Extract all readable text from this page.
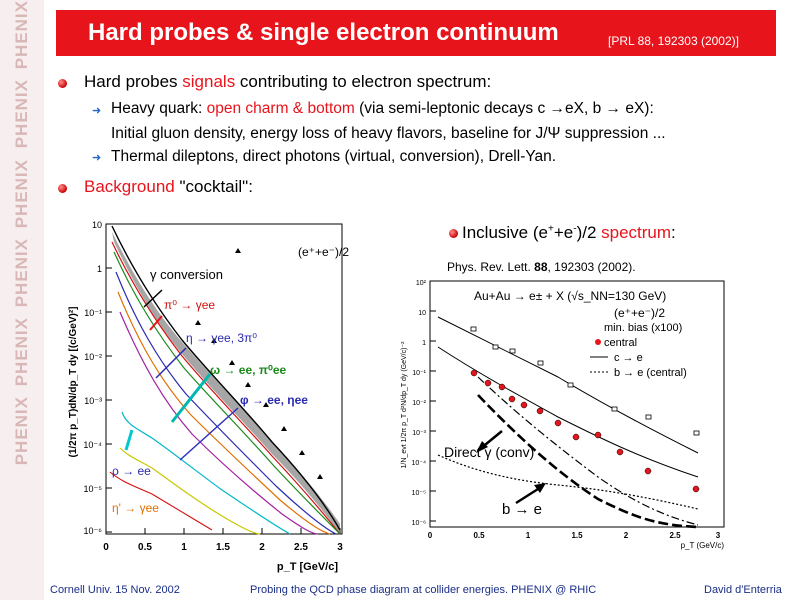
PHENIX
PHENIX
PHENIX
PHENIX
PHENIX
PHENIX
Hard probes & single electron continuum	[PRL 88, 192303 (2002)]
Hard probes signals contributing to electron spectrum:
➜ Heavy quark: open charm & bottom (via semi-leptonic decays c →eX, b → eX):
Initial gluon density, energy loss of heavy flavors, baseline for J/Ψ suppression ...
➜ Thermal dileptons, direct photons (virtual, conversion), Drell-Yan.
Background "cocktail":
(e⁺+e⁻)/2
γ conversion
π⁰ → γee
η → γee, 3π⁰
ω → ee, π⁰ee
φ → ee, ηee
ρ → ee
η' → γee
10
1
10⁻¹
10⁻²
10⁻³
10⁻⁴
10⁻⁵
10⁻⁶
0	0.5	1	1.5	2	2.5	3
p_T [GeV/c]
(1/2π p_T)dN/dp_T dy [(c/GeV)²]
Inclusive (e++e-)/2 spectrum:
Phys. Rev. Lett. 88, 192303 (2002).
Au+Au → e± + X (√s_NN=130 GeV)
(e⁺+e⁻)/2
min. bias (x100)
central
c → e
b → e (central)
Direct γ (conv)
b → e
10²
10
1
10⁻¹
10⁻²
10⁻³
10⁻⁴
10⁻⁵
10⁻⁶
0	0.5	1	1.5	2	2.5	3
p_T (GeV/c)
1/N_evt 1/2π p_T d²N/dp_T dy (GeV/c)⁻²
Cornell Univ. 15 Nov. 2002	Probing the QCD phase diagram at collider energies. PHENIX @ RHIC	David d'Enterria
